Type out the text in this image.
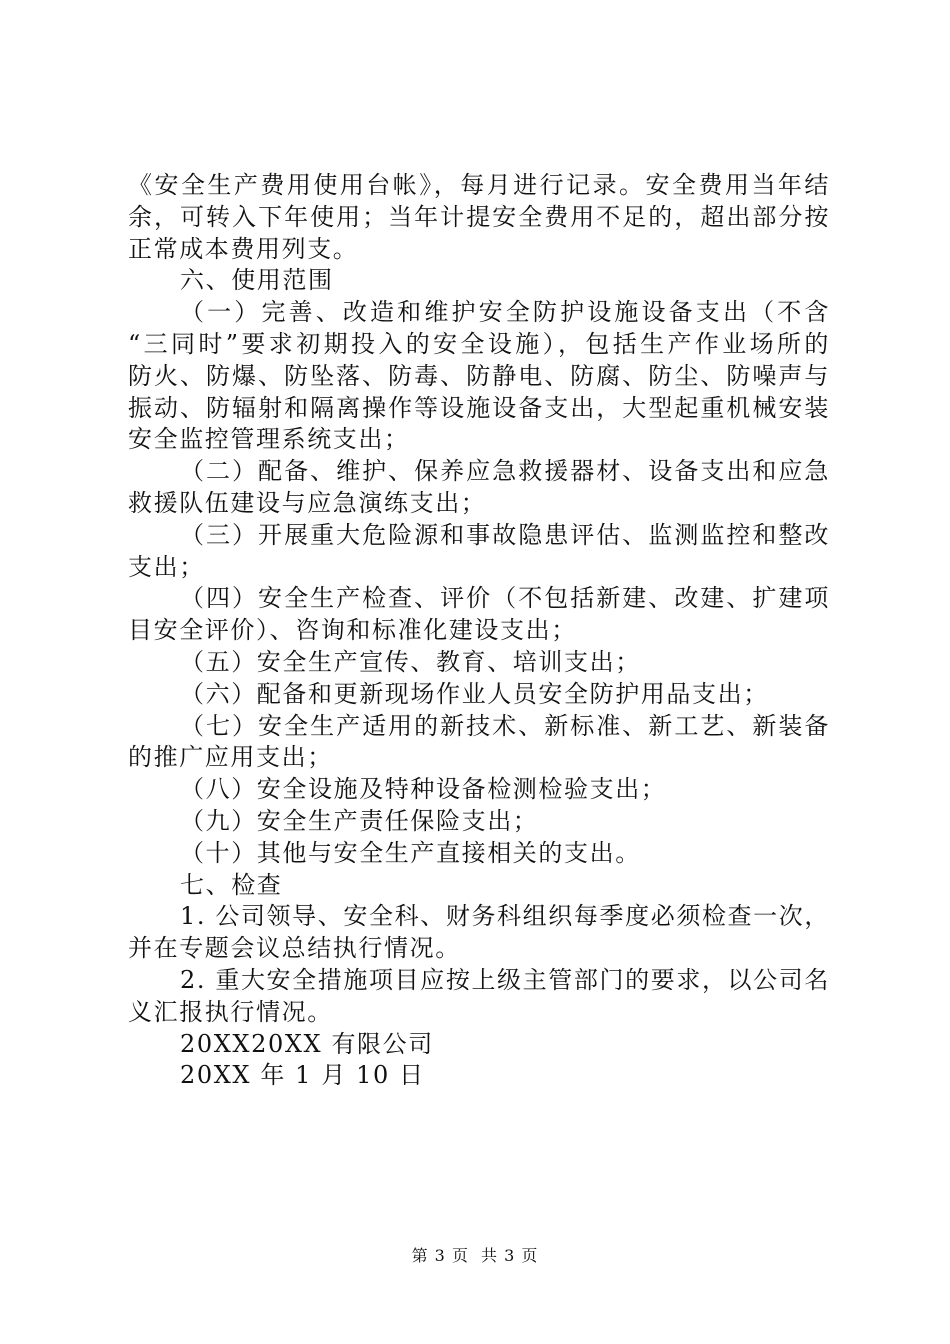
《安全生产费用使用台帐》，每月进行记录。安全费用当年结
余，可转入下年使用；当年计提安全费用不足的，超出部分按
正常成本费用列支。
六、使用范围
（一）完善、改造和维护安全防护设施设备支出（不含
“三同时”要求初期投入的安全设施），包括生产作业场所的
防火、防爆、防坠落、防毒、防静电、防腐、防尘、防噪声与
振动、防辐射和隔离操作等设施设备支出，大型起重机械安装
安全监控管理系统支出；
（二）配备、维护、保养应急救援器材、设备支出和应急
救援队伍建设与应急演练支出；
（三）开展重大危险源和事故隐患评估、监测监控和整改
支出；
（四）安全生产检查、评价（不包括新建、改建、扩建项
目安全评价）、咨询和标准化建设支出；
（五）安全生产宣传、教育、培训支出；
（六）配备和更新现场作业人员安全防护用品支出；
（七）安全生产适用的新技术、新标准、新工艺、新装备
的推广应用支出；
（八）安全设施及特种设备检测检验支出；
（九）安全生产责任保险支出；
（十）其他与安全生产直接相关的支出。
七、检查
1. 公司领导、安全科、财务科组织每季度必须检查一次，
并在专题会议总结执行情况。
2. 重大安全措施项目应按上级主管部门的要求，以公司名
义汇报执行情况。
20XX20XX 有限公司
20XX 年 1 月 10 日
第 3 页 共 3 页
